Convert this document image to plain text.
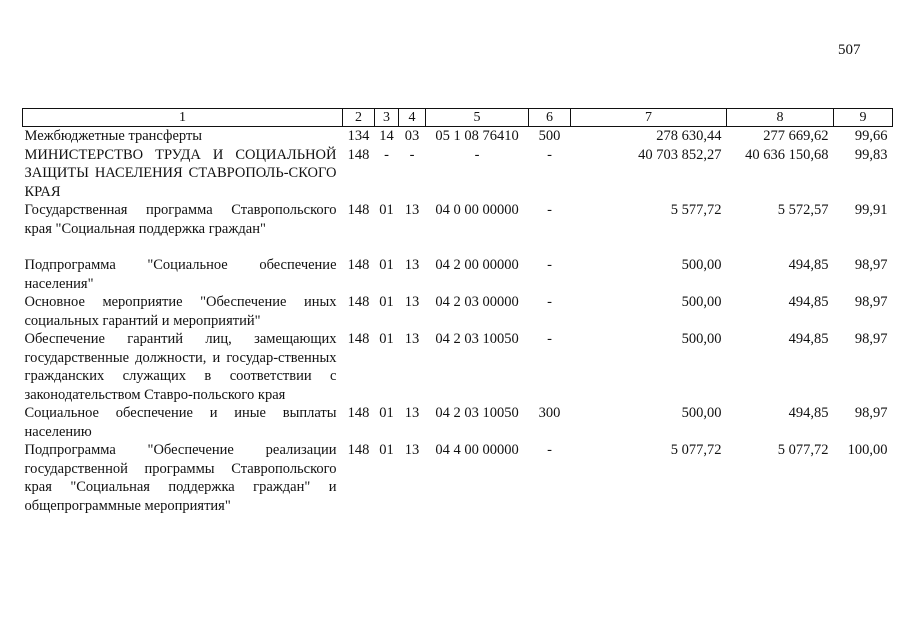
507
1	2	3	4	5	6	7	8	9
Межбюджетные трансферты	134	14	03	05 1 08 76410	500	278 630,44	277 669,62	99,66
МИНИСТЕРСТВО ТРУДА И СОЦИАЛЬНОЙ ЗАЩИТЫ НАСЕЛЕНИЯ СТАВРОПОЛЬ-СКОГО КРАЯ	148	-	-	-	-	40 703 852,27	40 636 150,68	99,83
Государственная программа Ставропольского края "Социальная поддержка граждан"	148	01	13	04 0 00 00000	-	5 577,72	5 572,57	99,91
Подпрограмма "Социальное обеспечение населения"	148	01	13	04 2 00 00000	-	500,00	494,85	98,97
Основное мероприятие "Обеспечение иных социальных гарантий и мероприятий"	148	01	13	04 2 03 00000	-	500,00	494,85	98,97
Обеспечение гарантий лиц, замещающих государственные должности, и государ-ственных гражданских служащих в соответствии с законодательством Ставро-польского края	148	01	13	04 2 03 10050	-	500,00	494,85	98,97
Социальное обеспечение и иные выплаты населению	148	01	13	04 2 03 10050	300	500,00	494,85	98,97
Подпрограмма "Обеспечение реализации государственной программы Ставропольского края "Социальная поддержка граждан" и общепрограммные мероприятия"	148	01	13	04 4 00 00000	-	5 077,72	5 077,72	100,00
